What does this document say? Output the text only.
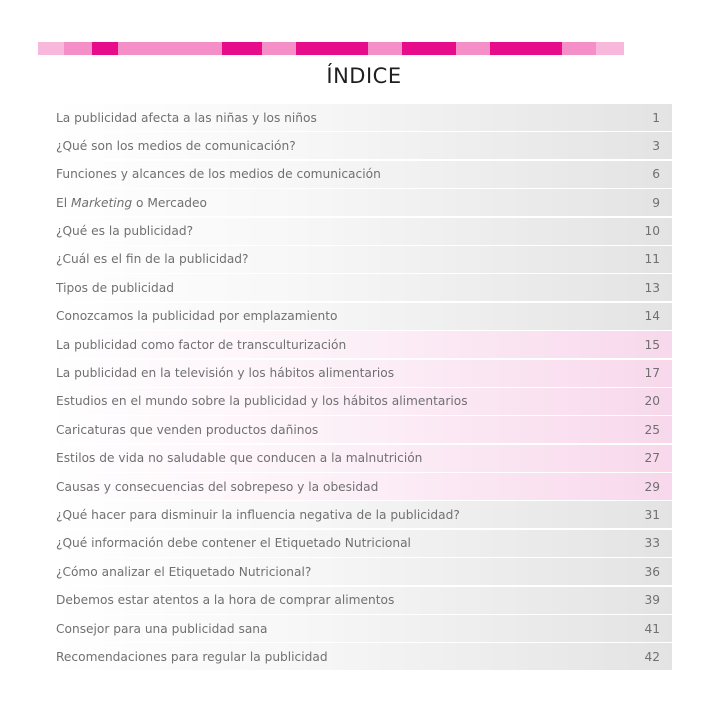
ÍNDICE
La publicidad afecta a las niñas y los niños	1
¿Qué son los medios de comunicación?	3
Funciones y alcances de los medios de comunicación	6
El Marketing o Mercadeo	9
¿Qué es la publicidad?	10
¿Cuál es el fin de la publicidad?	11
Tipos de publicidad	13
Conozcamos la publicidad por emplazamiento	14
La publicidad como factor de transculturización	15
La publicidad en la televisión y los hábitos alimentarios	17
Estudios en el mundo sobre la publicidad y los hábitos alimentarios	20
Caricaturas que venden productos dañinos	25
Estilos de vida no saludable que conducen a la malnutrición	27
Causas y consecuencias del sobrepeso y la obesidad	29
¿Qué hacer para disminuir la influencia negativa de la publicidad?	31
¿Qué información debe contener el Etiquetado Nutricional	33
¿Cómo analizar el Etiquetado Nutricional?	36
Debemos estar atentos a la hora de comprar alimentos	39
Consejor para una publicidad sana	41
Recomendaciones para regular la publicidad	42
